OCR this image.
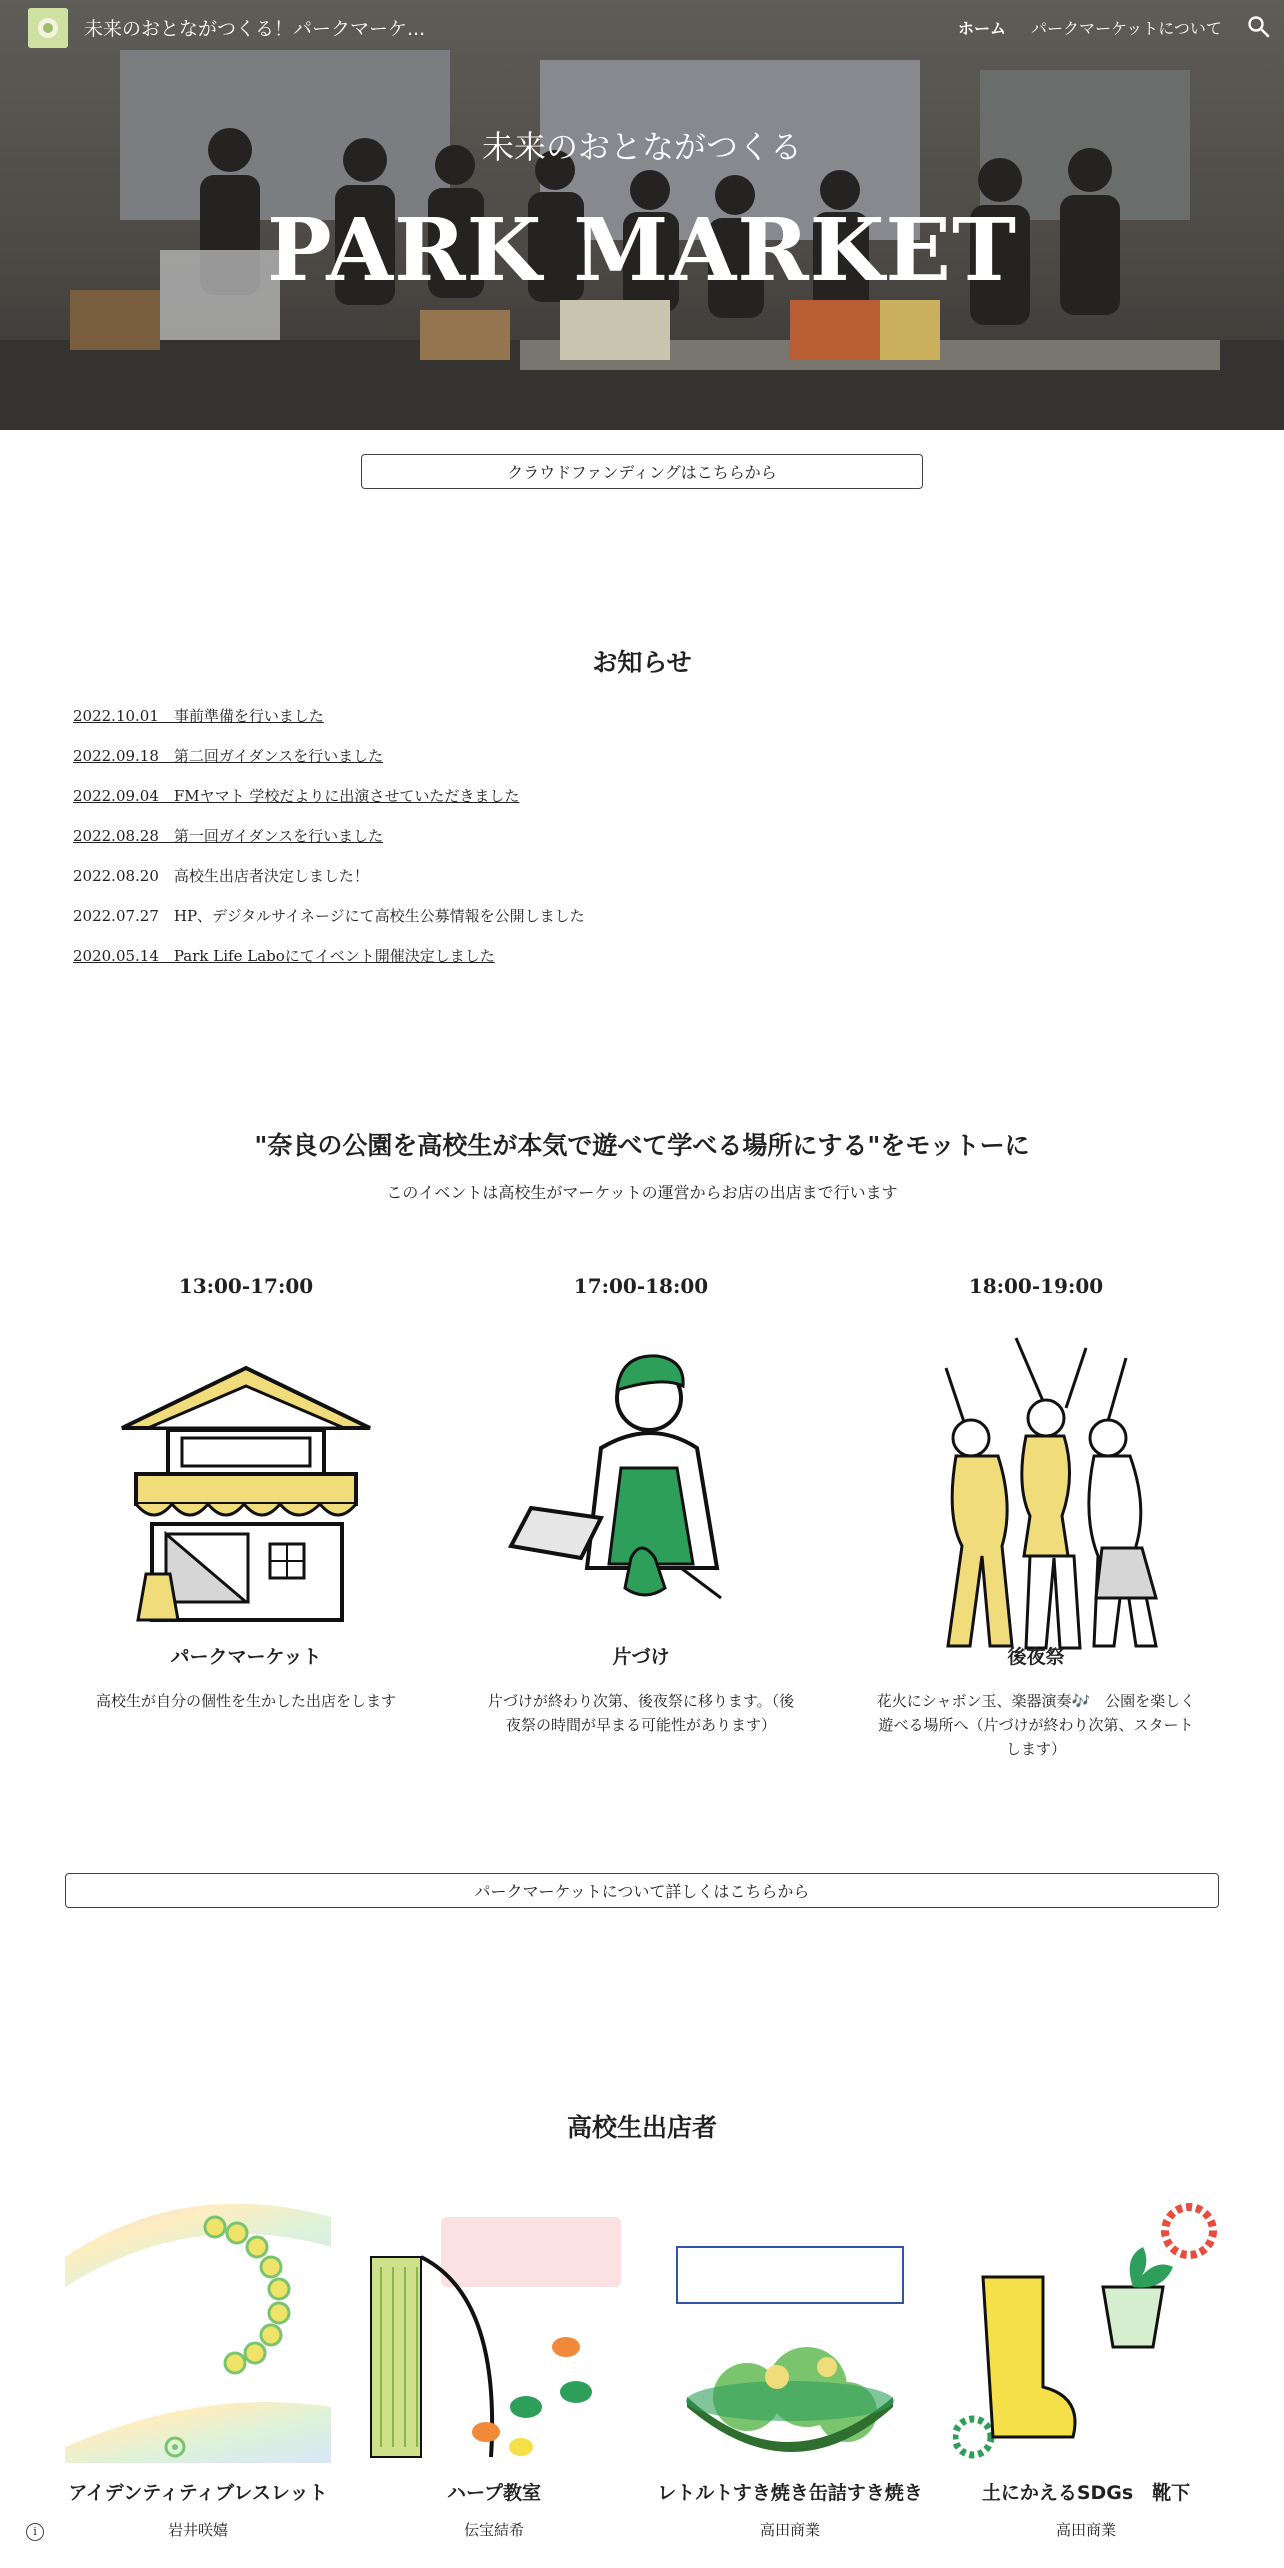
未来のおとながつくる
PARK MARKET
未来のおとながつくる！パークマーケ...	ホーム パークマーケットについて
クラウドファンディングはこちらから
お知らせ
2022.10.01　事前準備を行いました
2022.09.18　第二回ガイダンスを行いました
2022.09.04　FMヤマト 学校だよりに出演させていただきました
2022.08.28　第一回ガイダンスを行いました
2022.08.20　高校生出店者決定しました！
2022.07.27　HP、デジタルサイネージにて高校生公募情報を公開しました
2020.05.14　Park Life Laboにてイベント開催決定しました
"奈良の公園を高校生が本気で遊べて学べる場所にする"をモットーに
このイベントは高校生がマーケットの運営からお店の出店まで行います
13:00-17:00
パークマーケット
高校生が自分の個性を生かした出店をします
17:00-18:00
片づけ
片づけが終わり次第、後夜祭に移ります。（後夜祭の時間が早まる可能性があります）
18:00-19:00
後夜祭
花火にシャボン玉、楽器演奏🎶　公園を楽しく遊べる場所へ（片づけが終わり次第、スタートします）
パークマーケットについて詳しくはこちらから
高校生出店者
アイデンティティブレスレット
岩井咲嬉
ハープ教室
伝宝結希
レトルトすき焼き缶詰すき焼き
高田商業
土にかえるSDGs　靴下
高田商業
i
